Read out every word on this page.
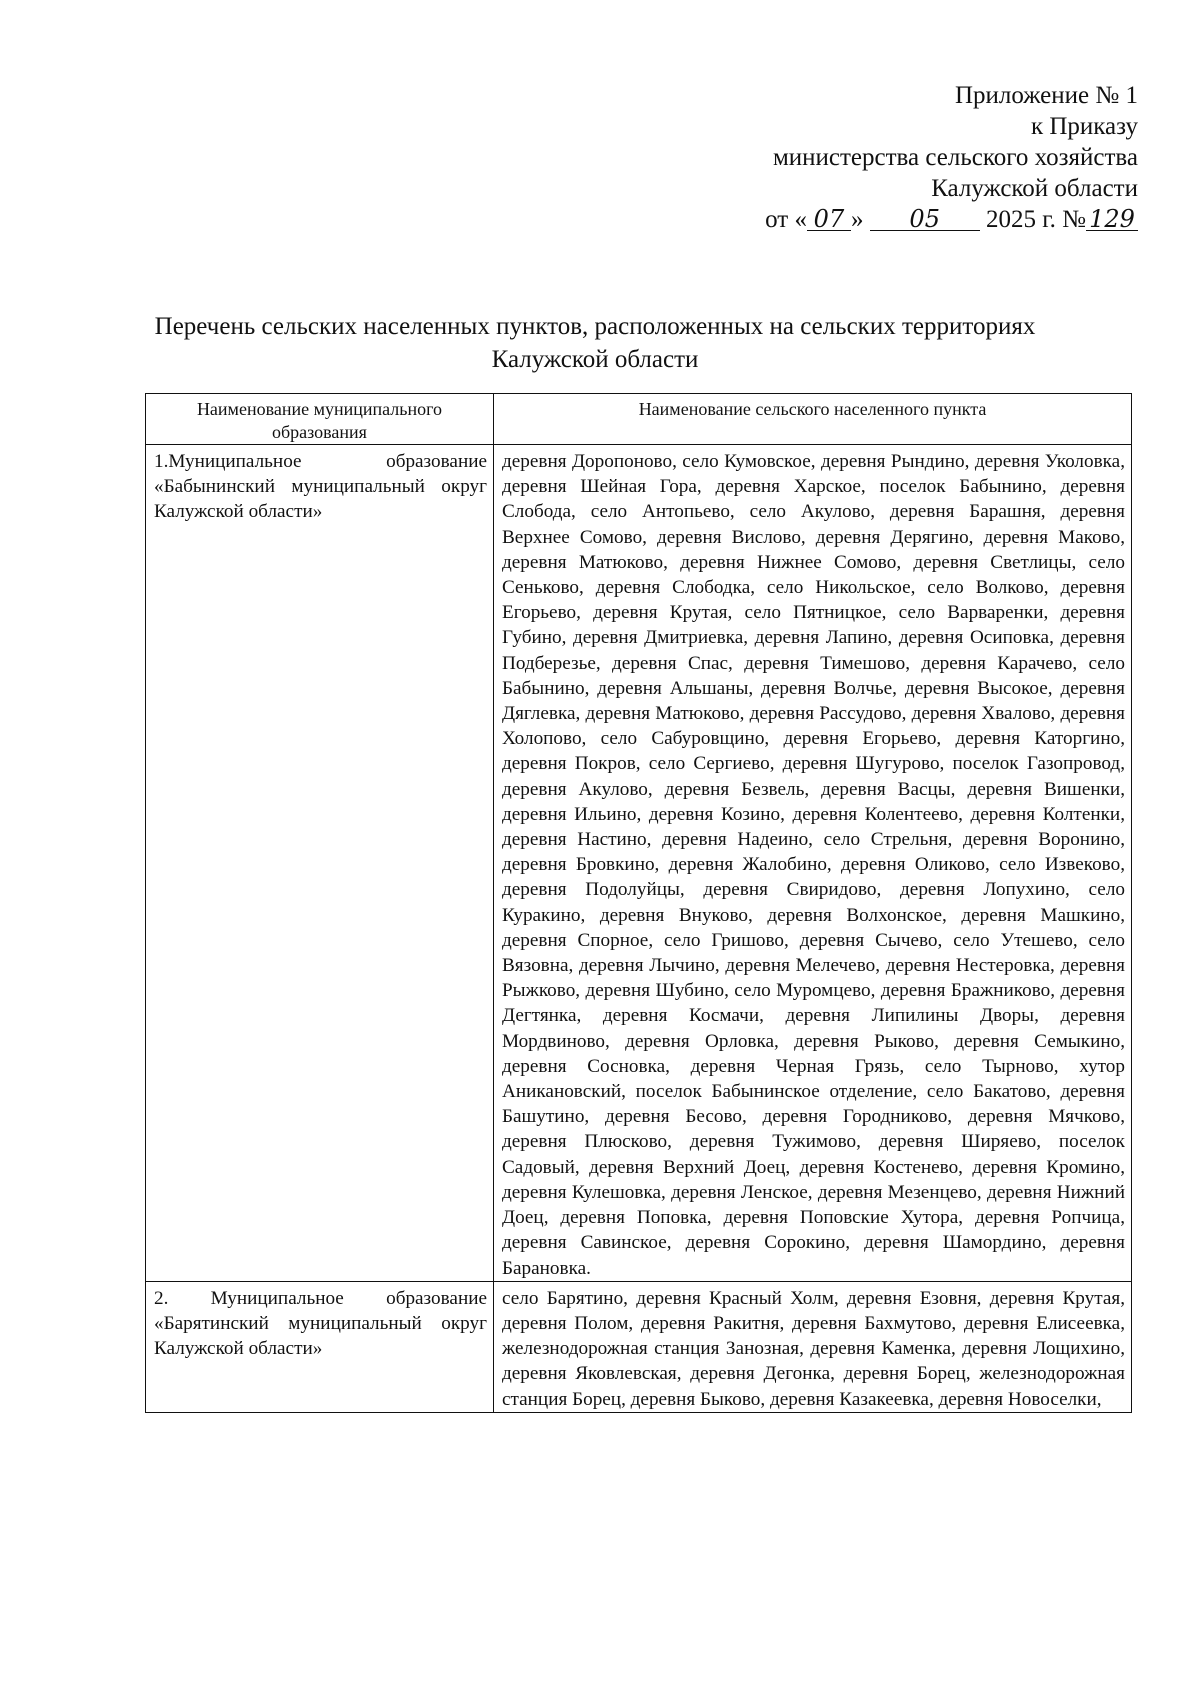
Приложение № 1
к Приказу
министерства сельского хозяйства
Калужской области
от « 07 » 05 2025 г. № 129
Перечень сельских населенных пунктов, расположенных на сельских территориях Калужской области
Наименование муниципального образования	Наименование сельского населенного пункта
1.Муниципальное образование «Бабынинский муниципальный округ Калужской области»	деревня Доропоново, село Кумовское, деревня Рындино, деревня Уколовка, деревня Шейная Гора, деревня Харское, поселок Бабынино, деревня Слобода, село Антопьево, село Акулово, деревня Барашня, деревня Верхнее Сомово, деревня Вислово, деревня Дерягино, деревня Маково, деревня Матюково, деревня Нижнее Сомово, деревня Светлицы, село Сеньково, деревня Слободка, село Никольское, село Волково, деревня Егорьево, деревня Крутая, село Пятницкое, село Варваренки, деревня Губино, деревня Дмитриевка, деревня Лапино, деревня Осиповка, деревня Подберезье, деревня Спас, деревня Тимешово, деревня Карачево, село Бабынино, деревня Альшаны, деревня Волчье, деревня Высокое, деревня Дяглевка, деревня Матюково, деревня Рассудово, деревня Хвалово, деревня Холопово, село Сабуровщино, деревня Егорьево, деревня Каторгино, деревня Покров, село Сергиево, деревня Шугурово, поселок Газопровод, деревня Акулово, деревня Безвель, деревня Васцы, деревня Вишенки, деревня Ильино, деревня Козино, деревня Колентеево, деревня Колтенки, деревня Настино, деревня Надеино, село Стрельня, деревня Воронино, деревня Бровкино, деревня Жалобино, деревня Оликово, село Извеково, деревня Подолуйцы, деревня Свиридово, деревня Лопухино, село Куракино, деревня Внуково, деревня Волхонское, деревня Машкино, деревня Спорное, село Гришово, деревня Сычево, село Утешево, село Вязовна, деревня Лычино, деревня Мелечево, деревня Нестеровка, деревня Рыжково, деревня Шубино, село Муромцево, деревня Бражниково, деревня Дегтянка, деревня Космачи, деревня Липилины Дворы, деревня Мордвиново, деревня Орловка, деревня Рыково, деревня Семыкино, деревня Сосновка, деревня Черная Грязь, село Тырново, хутор Аникановский, поселок Бабынинское отделение, село Бакатово, деревня Башутино, деревня Бесово, деревня Городниково, деревня Мячково, деревня Плюсково, деревня Тужимово, деревня Ширяево, поселок Садовый, деревня Верхний Доец, деревня Костенево, деревня Кромино, деревня Кулешовка, деревня Ленское, деревня Мезенцево, деревня Нижний Доец, деревня Поповка, деревня Поповские Хутора, деревня Ропчица, деревня Савинское, деревня Сорокино, деревня Шамордино, деревня Барановка.
2. Муниципальное образование «Барятинский муниципальный округ Калужской области»	село Барятино, деревня Красный Холм, деревня Езовня, деревня Крутая, деревня Полом, деревня Ракитня, деревня Бахмутово, деревня Елисеевка, железнодорожная станция Занозная, деревня Каменка, деревня Лощихино, деревня Яковлевская, деревня Дегонка, деревня Борец, железнодорожная станция Борец, деревня Быково, деревня Казакеевка, деревня Новоселки,
